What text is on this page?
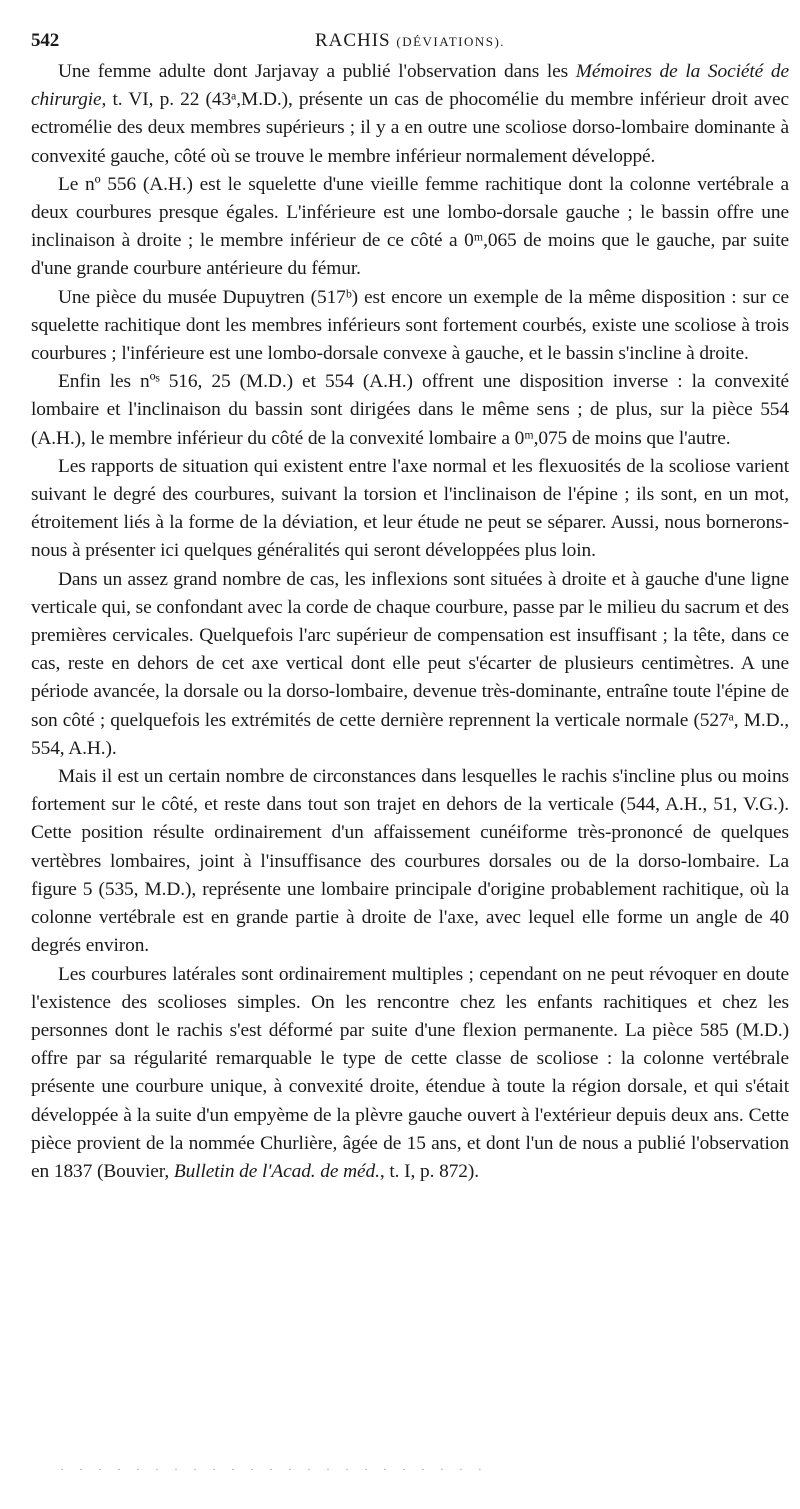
542	RACHIS (DÉVIATIONS).

Une femme adulte dont Jarjavay a publié l'observation dans les Mémoires de la Société de chirurgie, t. VI, p. 22 (43ᵃ,M.D.), présente un cas de phocomélie du membre inférieur droit avec ectromélie des deux membres supérieurs ; il y a en outre une scoliose dorso-lombaire dominante à convexité gauche, côté où se trouve le membre inférieur normalement développé.

Le nº 556 (A.H.) est le squelette d'une vieille femme rachitique dont la colonne vertébrale a deux courbures presque égales. L'inférieure est une lombo-dorsale gauche ; le bassin offre une inclinaison à droite ; le membre inférieur de ce côté a 0ᵐ,065 de moins que le gauche, par suite d'une grande courbure antérieure du fémur.

Une pièce du musée Dupuytren (517ᵇ) est encore un exemple de la même disposition : sur ce squelette rachitique dont les membres inférieurs sont fortement courbés, existe une scoliose à trois courbures ; l'inférieure est une lombo-dorsale convexe à gauche, et le bassin s'incline à droite.

Enfin les nºˢ 516, 25 (M.D.) et 554 (A.H.) offrent une disposition inverse : la convexité lombaire et l'inclinaison du bassin sont dirigées dans le même sens ; de plus, sur la pièce 554 (A.H.), le membre inférieur du côté de la convexité lombaire a 0ᵐ,075 de moins que l'autre.

Les rapports de situation qui existent entre l'axe normal et les flexuosités de la scoliose varient suivant le degré des courbures, suivant la torsion et l'inclinaison de l'épine ; ils sont, en un mot, étroitement liés à la forme de la déviation, et leur étude ne peut se séparer. Aussi, nous bornerons-nous à présenter ici quelques généralités qui seront développées plus loin.

Dans un assez grand nombre de cas, les inflexions sont situées à droite et à gauche d'une ligne verticale qui, se confondant avec la corde de chaque courbure, passe par le milieu du sacrum et des premières cervicales. Quelquefois l'arc supérieur de compensation est insuffisant ; la tête, dans ce cas, reste en dehors de cet axe vertical dont elle peut s'écarter de plusieurs centimètres. A une période avancée, la dorsale ou la dorso-lombaire, devenue très-dominante, entraîne toute l'épine de son côté ; quelquefois les extrémités de cette dernière reprennent la verticale normale (527ᵃ, M.D., 554, A.H.).

Mais il est un certain nombre de circonstances dans lesquelles le rachis s'incline plus ou moins fortement sur le côté, et reste dans tout son trajet en dehors de la verticale (544, A.H., 51, V.G.). Cette position résulte ordinairement d'un affaissement cunéiforme très-prononcé de quelques vertèbres lombaires, joint à l'insuffisance des courbures dorsales ou de la dorso-lombaire. La figure 5 (535, M.D.), représente une lombaire principale d'origine probablement rachitique, où la colonne vertébrale est en grande partie à droite de l'axe, avec lequel elle forme un angle de 40 degrés environ.

Les courbures latérales sont ordinairement multiples ; cependant on ne peut révoquer en doute l'existence des scolioses simples. On les rencontre chez les enfants rachitiques et chez les personnes dont le rachis s'est déformé par suite d'une flexion permanente. La pièce 585 (M.D.) offre par sa régularité remarquable le type de cette classe de scoliose : la colonne vertébrale présente une courbure unique, à convexité droite, étendue à toute la région dorsale, et qui s'était développée à la suite d'un empyème de la plèvre gauche ouvert à l'extérieur depuis deux ans. Cette pièce provient de la nommée Churlière, âgée de 15 ans, et dont l'un de nous a publié l'observation en 1837 (Bouvier, Bulletin de l'Acad. de méd., t. I, p. 872).

· · · · · · · · · · · · · · · · · · · · · · ·
